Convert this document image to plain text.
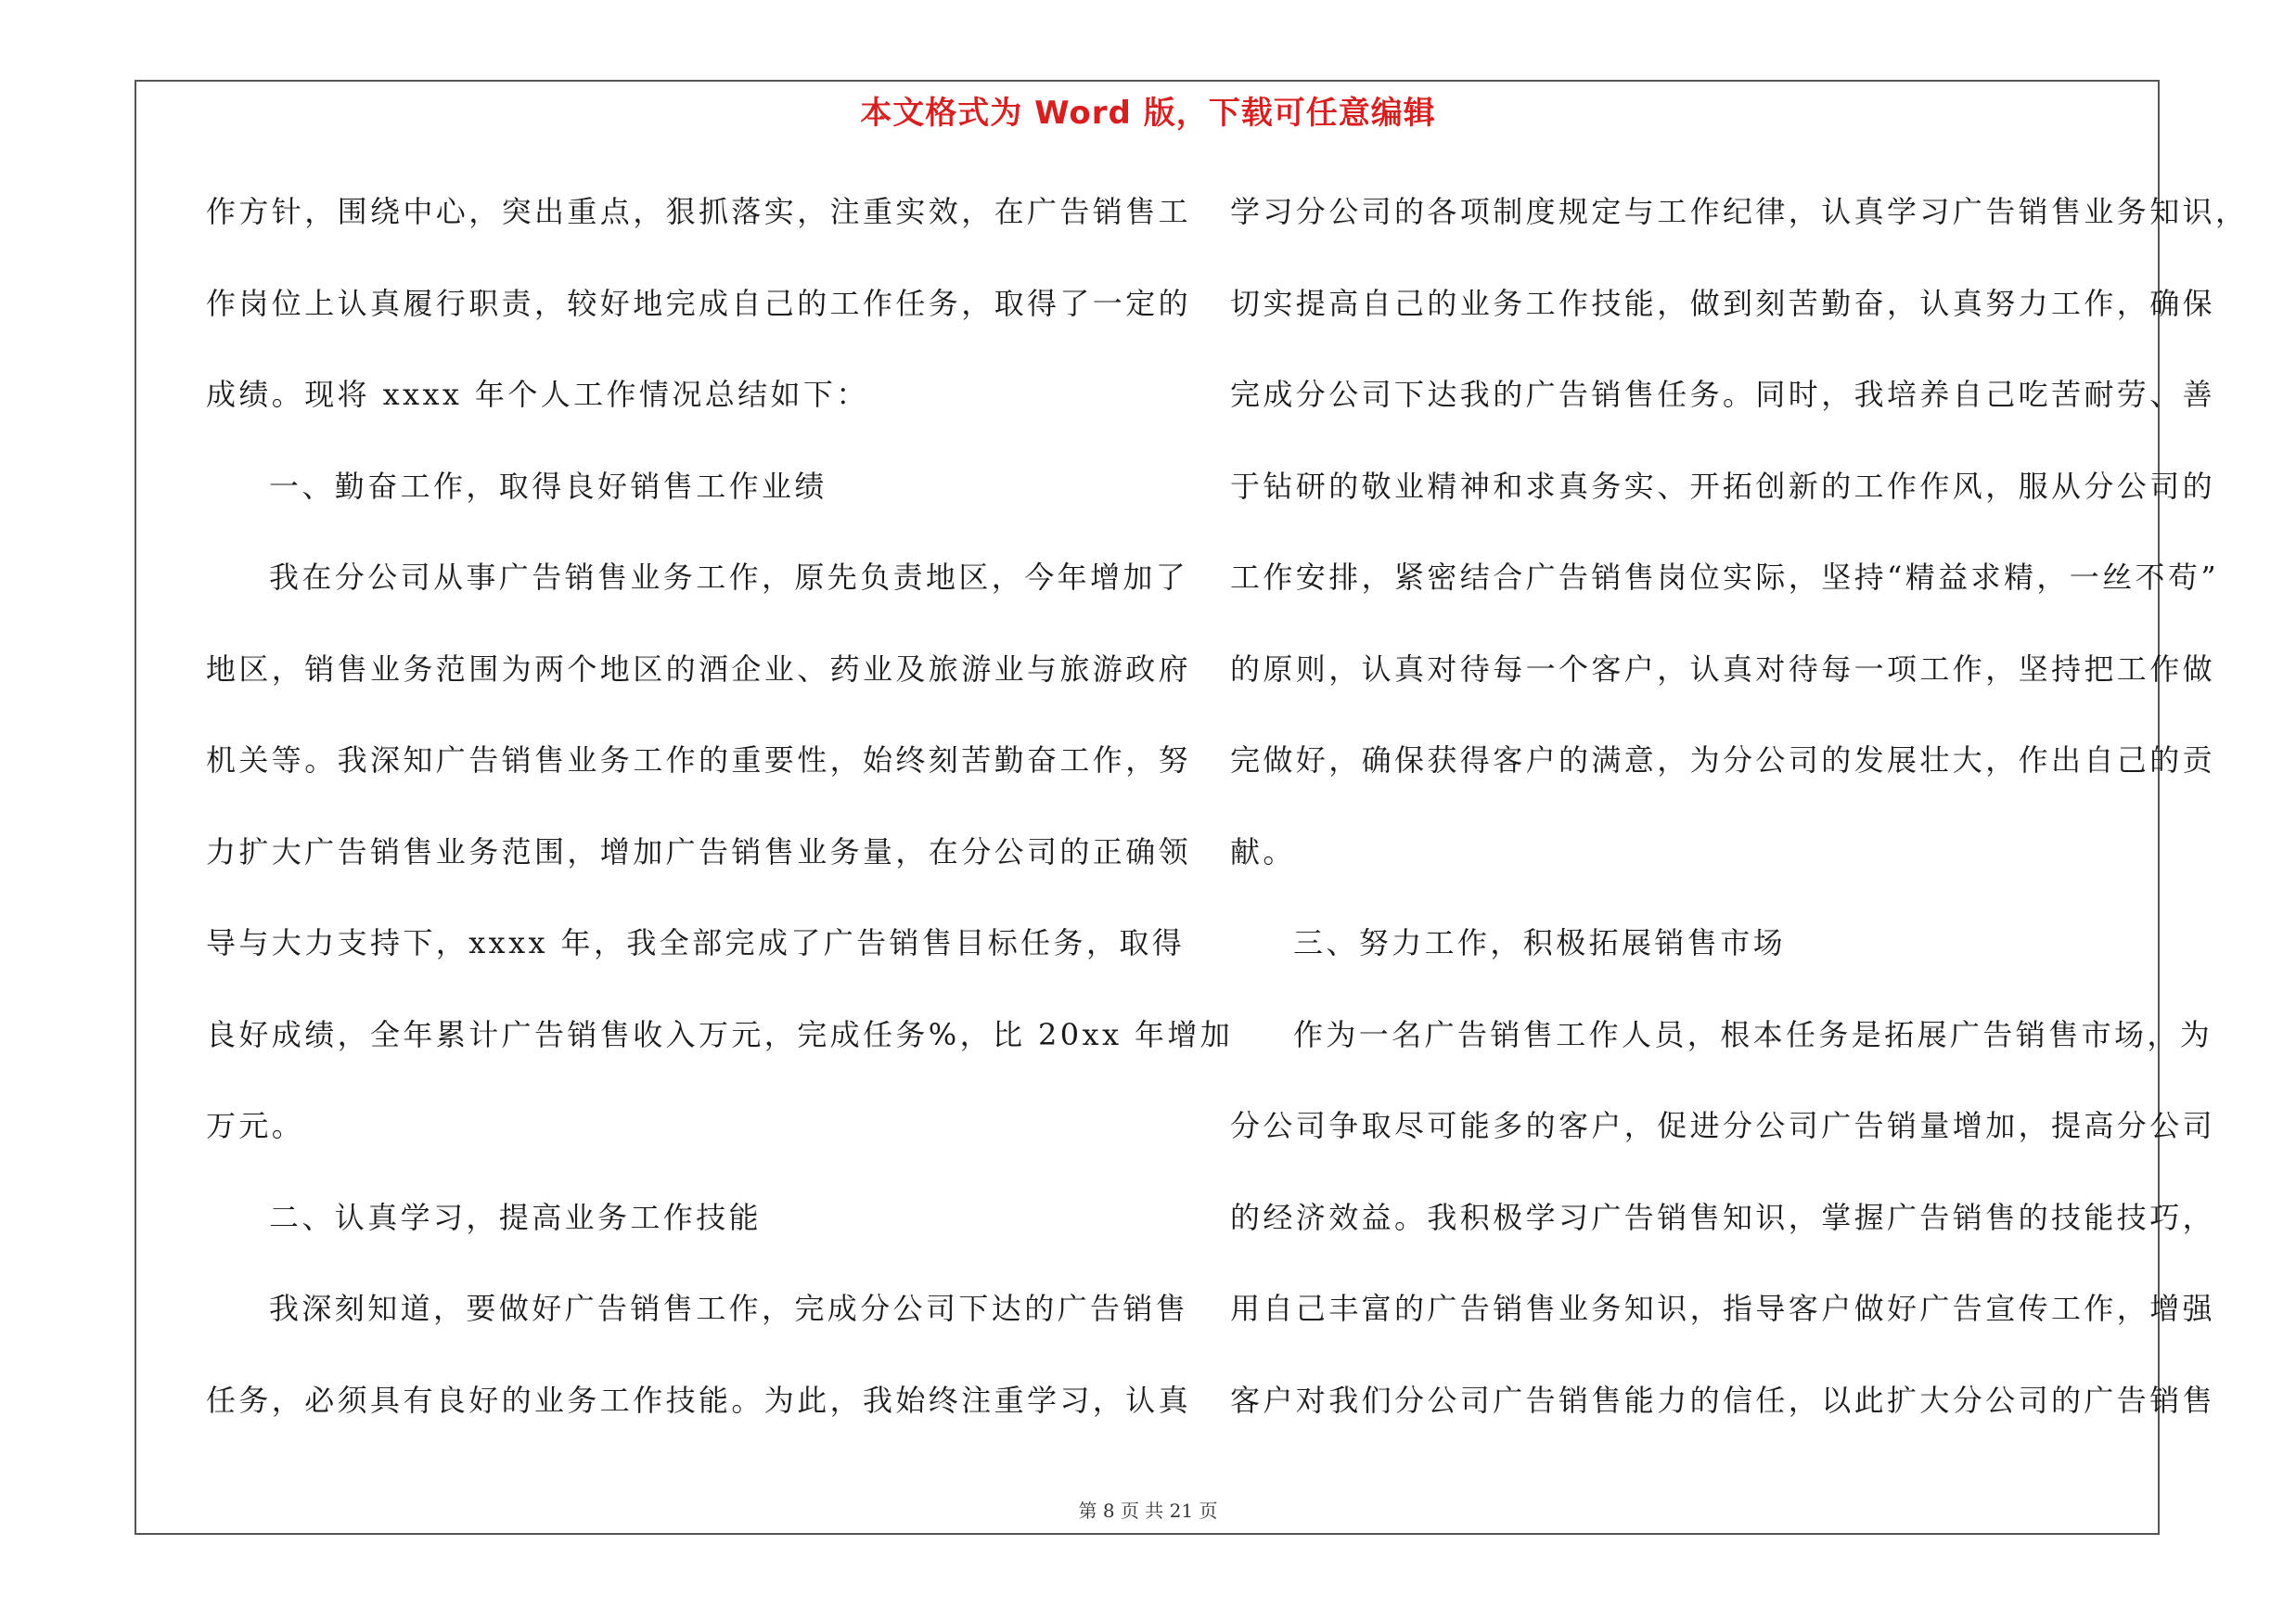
本文格式为 Word 版，下载可任意编辑
作方针，围绕中心，突出重点，狠抓落实，注重实效，在广告销售工
作岗位上认真履行职责，较好地完成自己的工作任务，取得了一定的
成绩。现将 xxxx 年个人工作情况总结如下：
一、勤奋工作，取得良好销售工作业绩
我在分公司从事广告销售业务工作，原先负责地区，今年增加了
地区，销售业务范围为两个地区的酒企业、药业及旅游业与旅游政府
机关等。我深知广告销售业务工作的重要性，始终刻苦勤奋工作，努
力扩大广告销售业务范围，增加广告销售业务量，在分公司的正确领
导与大力支持下，xxxx 年，我全部完成了广告销售目标任务，取得
良好成绩，全年累计广告销售收入万元，完成任务%，比 20xx 年增加
万元。
二、认真学习，提高业务工作技能
我深刻知道，要做好广告销售工作，完成分公司下达的广告销售
任务，必须具有良好的业务工作技能。为此，我始终注重学习，认真
学习分公司的各项制度规定与工作纪律，认真学习广告销售业务知识，
切实提高自己的业务工作技能，做到刻苦勤奋，认真努力工作，确保
完成分公司下达我的广告销售任务。同时，我培养自己吃苦耐劳、善
于钻研的敬业精神和求真务实、开拓创新的工作作风，服从分公司的
工作安排，紧密结合广告销售岗位实际，坚持“精益求精，一丝不苟”
的原则，认真对待每一个客户，认真对待每一项工作，坚持把工作做
完做好，确保获得客户的满意，为分公司的发展壮大，作出自己的贡
献。
三、努力工作，积极拓展销售市场
作为一名广告销售工作人员，根本任务是拓展广告销售市场，为
分公司争取尽可能多的客户，促进分公司广告销量增加，提高分公司
的经济效益。我积极学习广告销售知识，掌握广告销售的技能技巧，
用自己丰富的广告销售业务知识，指导客户做好广告宣传工作，增强
客户对我们分公司广告销售能力的信任，以此扩大分公司的广告销售
第 8 页 共 21 页
